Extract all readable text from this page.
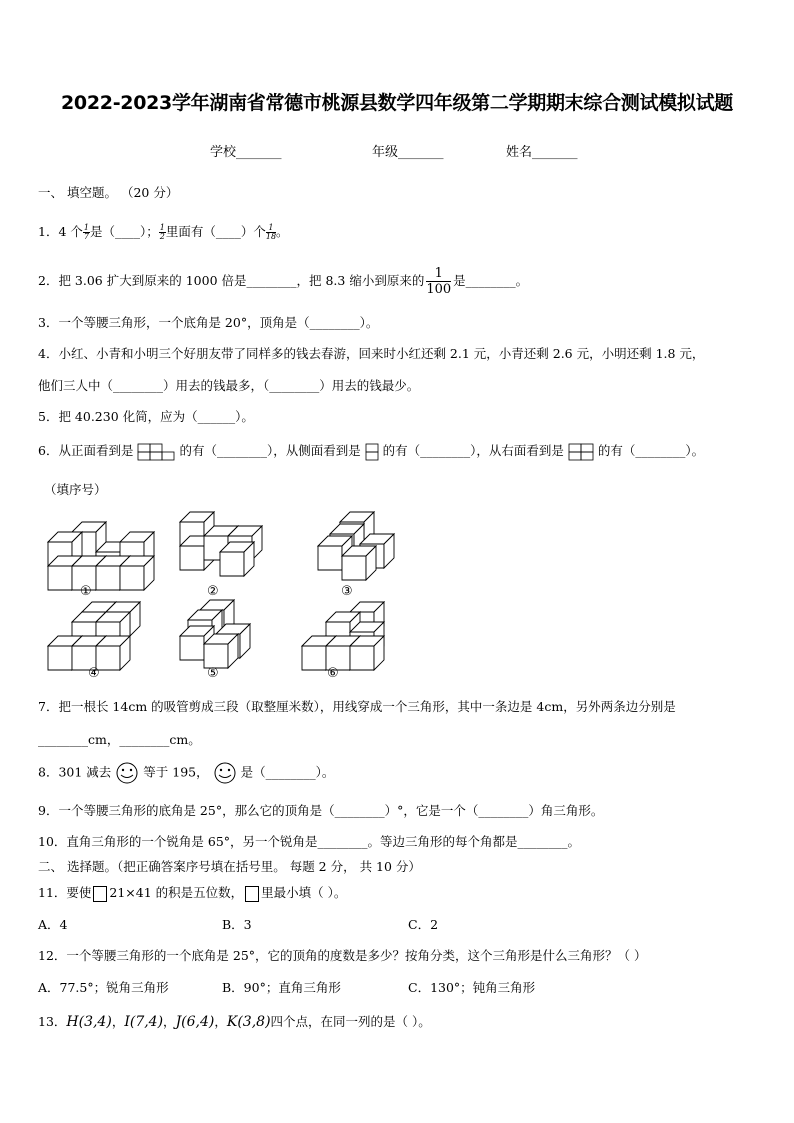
2022-2023学年湖南省常德市桃源县数学四年级第二学期期末综合测试模拟试题
学校_______	年级_______	姓名_______
一、 填空题。 （20 分）
1．4 个 $\frac{1}{7}$ 是（____）； $\frac{1}{2}$ 里面有（____）个 $\frac{1}{18}$ 。
2．把 3.06 扩大到原来的 1000 倍是________，把 8.3 缩小到原来的 $\frac{1}{100}$ 是________。
3．一个等腰三角形，一个底角是 20°，顶角是（________）。
4．小红、小青和小明三个好朋友带了同样多的钱去春游，回来时小红还剩 2.1 元，小青还剩 2.6 元，小明还剩 1.8 元，
他们三人中（________）用去的钱最多，（________）用去的钱最少。
5．把 40.230 化简，应为（______）。
6．从正面看到是	的有（________），从侧面看到是 的有（________），从右面看到是	的有（________）。
（填序号）
①	②	③
④	⑤	⑥
7．把一根长 14cm 的吸管剪成三段（取整厘米数），用线穿成一个三角形，其中一条边是 4cm，另外两条边分别是
________cm，________cm。
8．301 减去	等于 195，	是（________）。
9．一个等腰三角形的底角是 25°，那么它的顶角是（________）°，它是一个（________）角三角形。
10．直角三角形的一个锐角是 65°，另一个锐角是________。等边三角形的每个角都是________。
二、 选择题。（把正确答案序号填在括号里。 每题 2 分， 共 10 分）
11．要使 21×41 的积是五位数， 里最小填（ ）。
A．4	B．3	C．2
12．一个等腰三角形的一个底角是 25°，它的顶角的度数是多少？按角分类，这个三角形是什么三角形？（ ）
A．77.5°；锐角三角形	B．90°；直角三角形	C．130°；钝角三角形
13．H(3,4)，I(7,4)，J(6,4)，K(3,8)四个点，在同一列的是（ ）。
